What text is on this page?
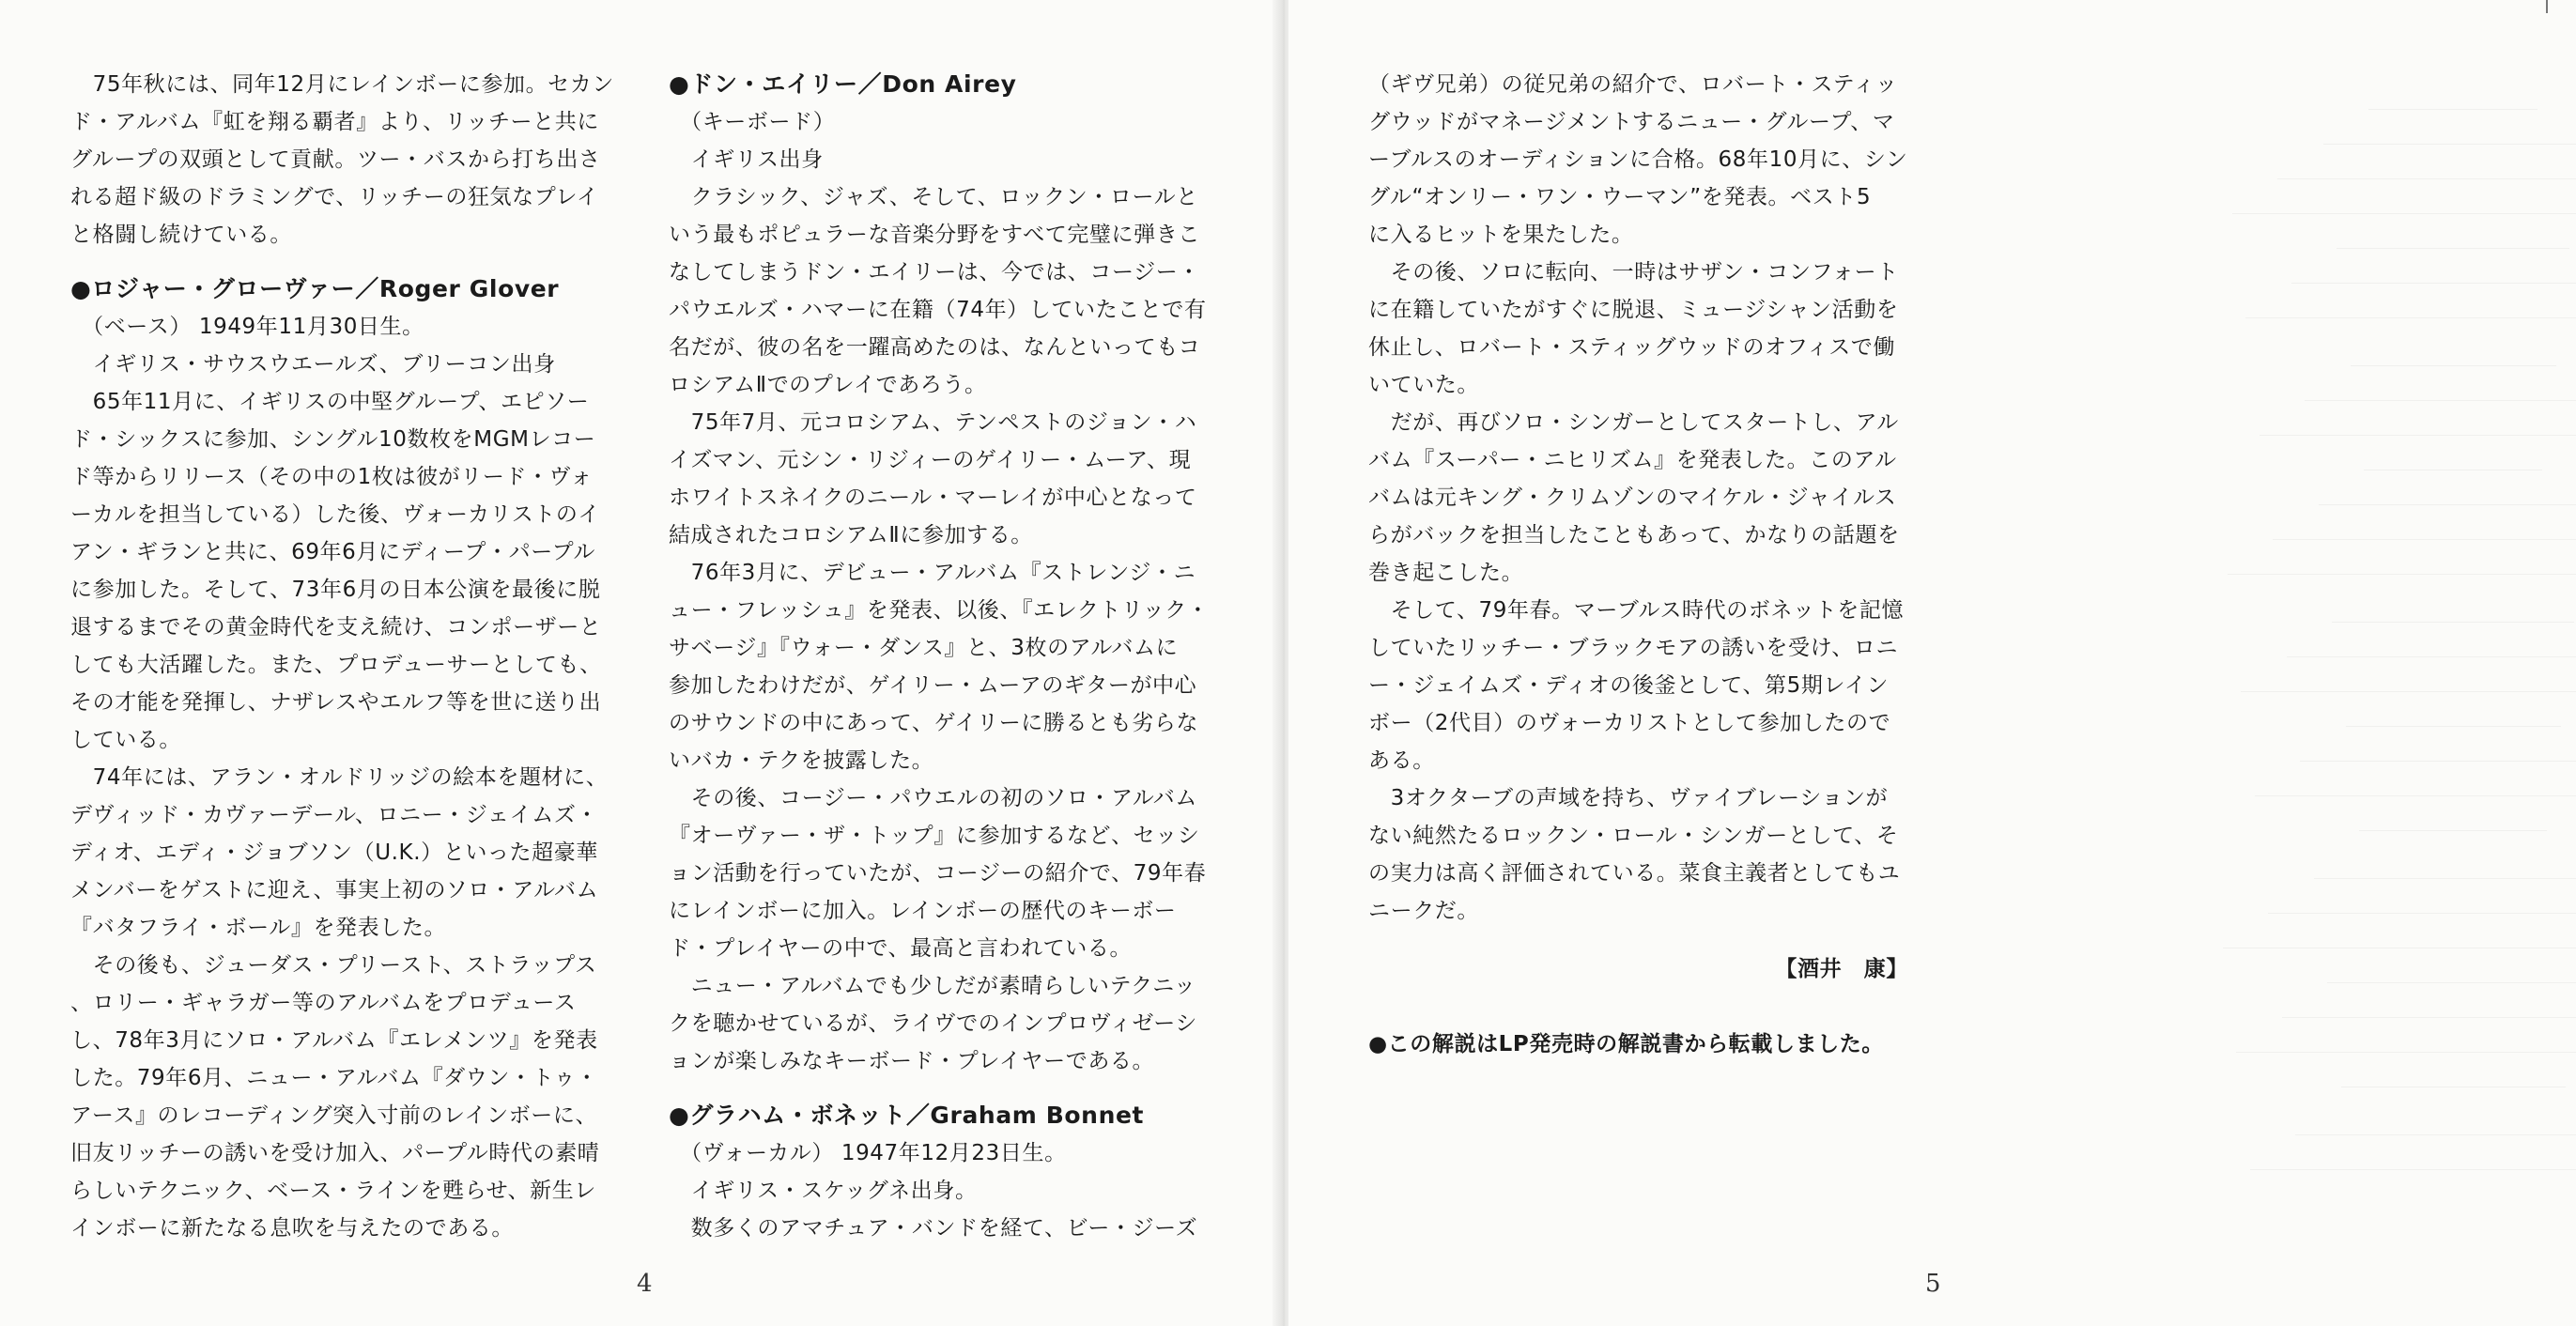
　75年秋には、同年12月にレインボーに参加。セカン
ド・アルバム『虹を翔る覇者』より、リッチーと共に
グループの双頭として貢献。ツー・バスから打ち出さ
れる超ド級のドラミングで、リッチーの狂気なプレイ
と格闘し続けている。
●ロジャー・グローヴァー／Roger Glover
　（ベース） 1949年11月30日生。
　イギリス・サウスウエールズ、ブリーコン出身
　65年11月に、イギリスの中堅グループ、エピソー
ド・シックスに参加、シングル10数枚をMGMレコー
ド等からリリース（その中の1枚は彼がリード・ヴォ
ーカルを担当している）した後、ヴォーカリストのイ
アン・ギランと共に、69年6月にディープ・パープル
に参加した。そして、73年6月の日本公演を最後に脱
退するまでその黄金時代を支え続け、コンポーザーと
しても大活躍した。また、プロデューサーとしても、
その才能を発揮し、ナザレスやエルフ等を世に送り出
している。
　74年には、アラン・オルドリッジの絵本を題材に、
デヴィッド・カヴァーデール、ロニー・ジェイムズ・
ディオ、エディ・ジョブソン（U.K.）といった超豪華
メンバーをゲストに迎え、事実上初のソロ・アルバム
『バタフライ・ボール』を発表した。
　その後も、ジューダス・プリースト、ストラップス
、ロリー・ギャラガー等のアルバムをプロデュース
し、78年3月にソロ・アルバム『エレメンツ』を発表
した。79年6月、ニュー・アルバム『ダウン・トゥ・
アース』のレコーディング突入寸前のレインボーに、
旧友リッチーの誘いを受け加入、パープル時代の素晴
らしいテクニック、ベース・ラインを甦らせ、新生レ
インボーに新たなる息吹を与えたのである。
●ドン・エイリー／Don Airey
　（キーボード）
　イギリス出身
　クラシック、ジャズ、そして、ロックン・ロールと
いう最もポピュラーな音楽分野をすべて完璧に弾きこ
なしてしまうドン・エイリーは、今では、コージー・
パウエルズ・ハマーに在籍（74年）していたことで有
名だが、彼の名を一躍高めたのは、なんといってもコ
ロシアムⅡでのプレイであろう。
　75年7月、元コロシアム、テンペストのジョン・ハ
イズマン、元シン・リジィーのゲイリー・ムーア、現
ホワイトスネイクのニール・マーレイが中心となって
結成されたコロシアムⅡに参加する。
　76年3月に、デビュー・アルバム『ストレンジ・ニ
ュー・フレッシュ』を発表、以後、『エレクトリック・
サベージ』『ウォー・ダンス』と、3枚のアルバムに
参加したわけだが、ゲイリー・ムーアのギターが中心
のサウンドの中にあって、ゲイリーに勝るとも劣らな
いバカ・テクを披露した。
　その後、コージー・パウエルの初のソロ・アルバム
『オーヴァー・ザ・トップ』に参加するなど、セッシ
ョン活動を行っていたが、コージーの紹介で、79年春
にレインボーに加入。レインボーの歴代のキーボー
ド・プレイヤーの中で、最高と言われている。
　ニュー・アルバムでも少しだが素晴らしいテクニッ
クを聴かせているが、ライヴでのインプロヴィゼーシ
ョンが楽しみなキーボード・プレイヤーである。
●グラハム・ボネット／Graham Bonnet
　（ヴォーカル） 1947年12月23日生。
　イギリス・スケッグネ出身。
　数多くのアマチュア・バンドを経て、ビー・ジーズ
4
（ギヴ兄弟）の従兄弟の紹介で、ロバート・スティッ
グウッドがマネージメントするニュー・グループ、マ
ーブルスのオーディションに合格。68年10月に、シン
グル“オンリー・ワン・ウーマン”を発表。ベスト5
に入るヒットを果たした。
　その後、ソロに転向、一時はサザン・コンフォート
に在籍していたがすぐに脱退、ミュージシャン活動を
休止し、ロバート・スティッグウッドのオフィスで働
いていた。
　だが、再びソロ・シンガーとしてスタートし、アル
バム『スーパー・ニヒリズム』を発表した。このアル
バムは元キング・クリムゾンのマイケル・ジャイルス
らがバックを担当したこともあって、かなりの話題を
巻き起こした。
　そして、79年春。マーブルス時代のボネットを記憶
していたリッチー・ブラックモアの誘いを受け、ロニ
ー・ジェイムズ・ディオの後釜として、第5期レイン
ボー（2代目）のヴォーカリストとして参加したので
ある。
　3オクターブの声域を持ち、ヴァイブレーションが
ない純然たるロックン・ロール・シンガーとして、そ
の実力は高く評価されている。菜食主義者としてもユ
ニークだ。
【酒井　康】
●この解説はLP発売時の解説書から転載しました。
5
